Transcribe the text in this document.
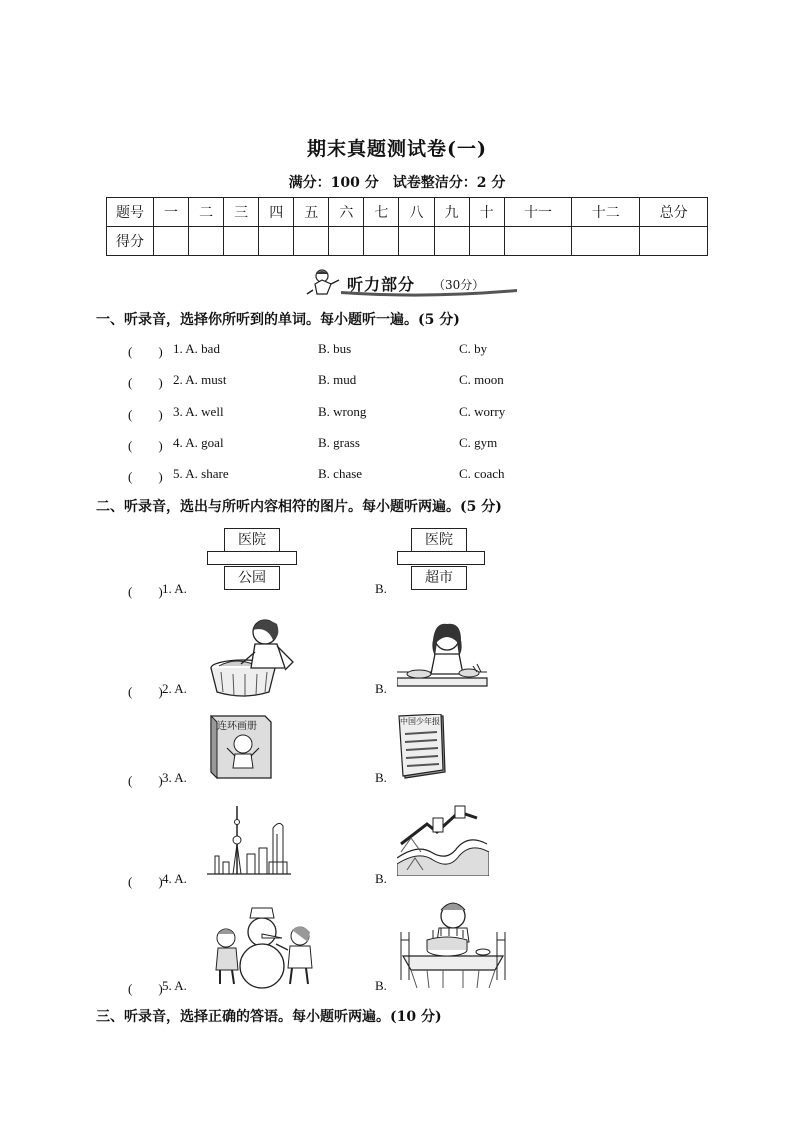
期末真题测试卷(一)
满分：100 分　试卷整洁分：2 分
题号	一	二	三	四	五	六	七	八	九	十	十一	十二	总分
得分													
听力部分 （30分）
一、听录音，选择你所听到的单词。每小题听一遍。(5 分)
(　　) 1. A. bad	B. bus	C. by
(　　) 2. A. must	B. mud	C. moon
(　　) 3. A. well	B. wrong	C. worry
(　　) 4. A. goal	B. grass	C. gym
(　　) 5. A. share	B. chase	C. coach
二、听录音，选出与所听内容相符的图片。每小题听两遍。(5 分)
(　　) 1. A.	B.
医院
公园
医院
超市
(　　) 2. A.	B.
(　　) 3. A.	B.
连环画册	中国少年报
(　　) 4. A.	B.
(　　) 5. A.	B.
三、听录音，选择正确的答语。每小题听两遍。(10 分)
